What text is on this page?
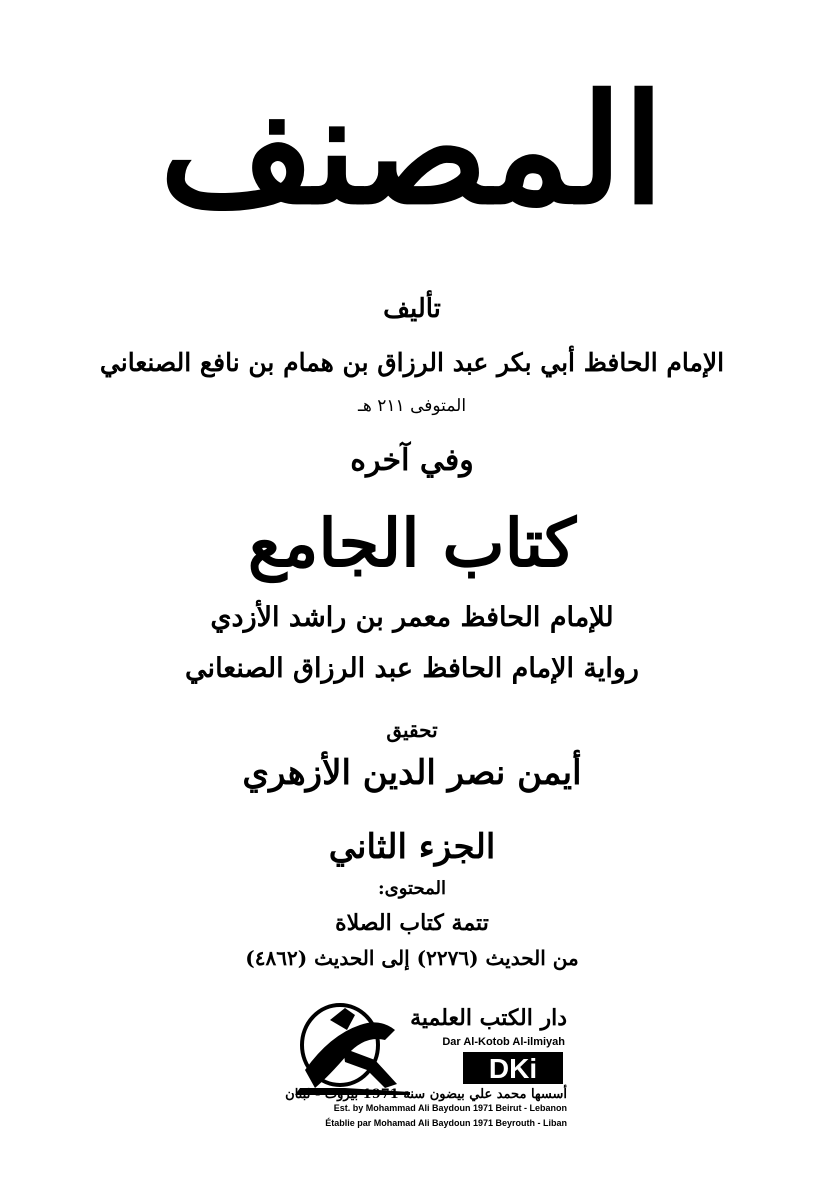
المصنف
تأليف
الإمام الحافظ أبي بكر عبد الرزاق بن همام بن نافع الصنعاني
المتوفى ٢١١ هـ
وفي آخره
كتاب الجامع
للإمام الحافظ معمر بن راشد الأزدي
رواية الإمام الحافظ عبد الرزاق الصنعاني
تحقيق
أيمن نصر الدين الأزهري
الجزء الثاني
المحتوى:
تتمة كتاب الصلاة
من الحديث (٢٢٧٦) إلى الحديث (٤٨٦٢)
دار الكتب العلمية
Dar Al-Kotob Al-ilmiyah
DKi
أسسها محمد علي بيضون سنة 1971 بيروت - لبنان
Est. by Mohammad Ali Baydoun 1971 Beirut - Lebanon
Établie par Mohamad Ali Baydoun 1971 Beyrouth - Liban
